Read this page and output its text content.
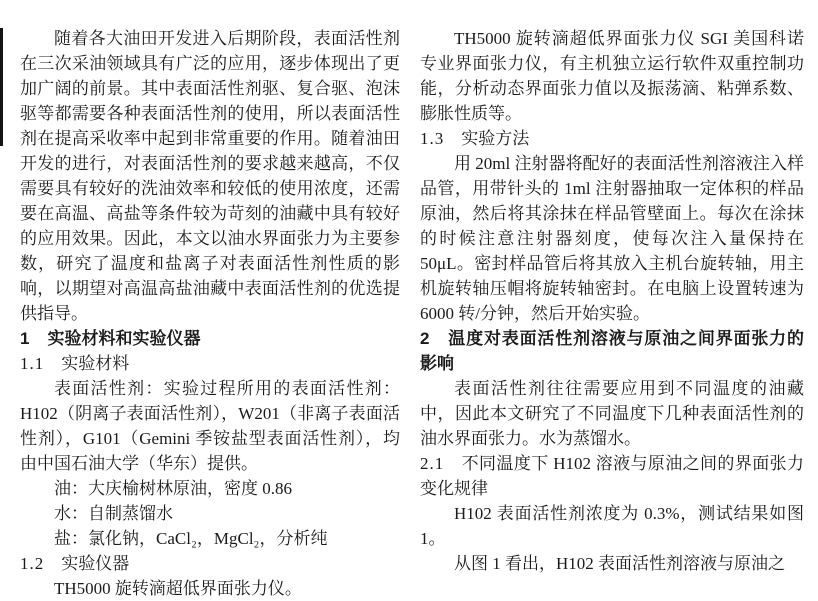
随着各大油田开发进入后期阶段，表面活性剂在三次采油领域具有广泛的应用，逐步体现出了更加广阔的前景。其中表面活性剂驱、复合驱、泡沫驱等都需要各种表面活性剂的使用，所以表面活性剂在提高采收率中起到非常重要的作用。随着油田开发的进行，对表面活性剂的要求越来越高，不仅需要具有较好的洗油效率和较低的使用浓度，还需要在高温、高盐等条件较为苛刻的油藏中具有较好的应用效果。因此，本文以油水界面张力为主要参数，研究了温度和盐离子对表面活性剂性质的影响，以期望对高温高盐油藏中表面活性剂的优选提供指导。
1 实验材料和实验仪器
1.1 实验材料
表面活性剂：实验过程所用的表面活性剂：H102（阴离子表面活性剂），W201（非离子表面活性剂），G101（Gemini 季铵盐型表面活性剂），均由中国石油大学（华东）提供。
油：大庆榆树林原油，密度 0.86
水：自制蒸馏水
盐：氯化钠，CaCl₂，MgCl₂，分析纯
1.2 实验仪器
TH5000 旋转滴超低界面张力仪。
TH5000 旋转滴超低界面张力仪 SGI 美国科诺专业界面张力仪，有主机独立运行软件双重控制功能，分析动态界面张力值以及振荡滴、粘弹系数、膨胀性质等。
1.3 实验方法
用 20ml 注射器将配好的表面活性剂溶液注入样品管，用带针头的 1ml 注射器抽取一定体积的样品原油，然后将其涂抹在样品管壁面上。每次在涂抹的时候注意注射器刻度，使每次注入量保持在 50μL。密封样品管后将其放入主机台旋转轴，用主机旋转轴压帽将旋转轴密封。在电脑上设置转速为 6000 转/分钟，然后开始实验。
2 温度对表面活性剂溶液与原油之间界面张力的影响
表面活性剂往往需要应用到不同温度的油藏中，因此本文研究了不同温度下几种表面活性剂的油水界面张力。水为蒸馏水。
2.1 不同温度下 H102 溶液与原油之间的界面张力变化规律
H102 表面活性剂浓度为 0.3%，测试结果如图 1。
从图 1 看出，H102 表面活性剂溶液与原油之
